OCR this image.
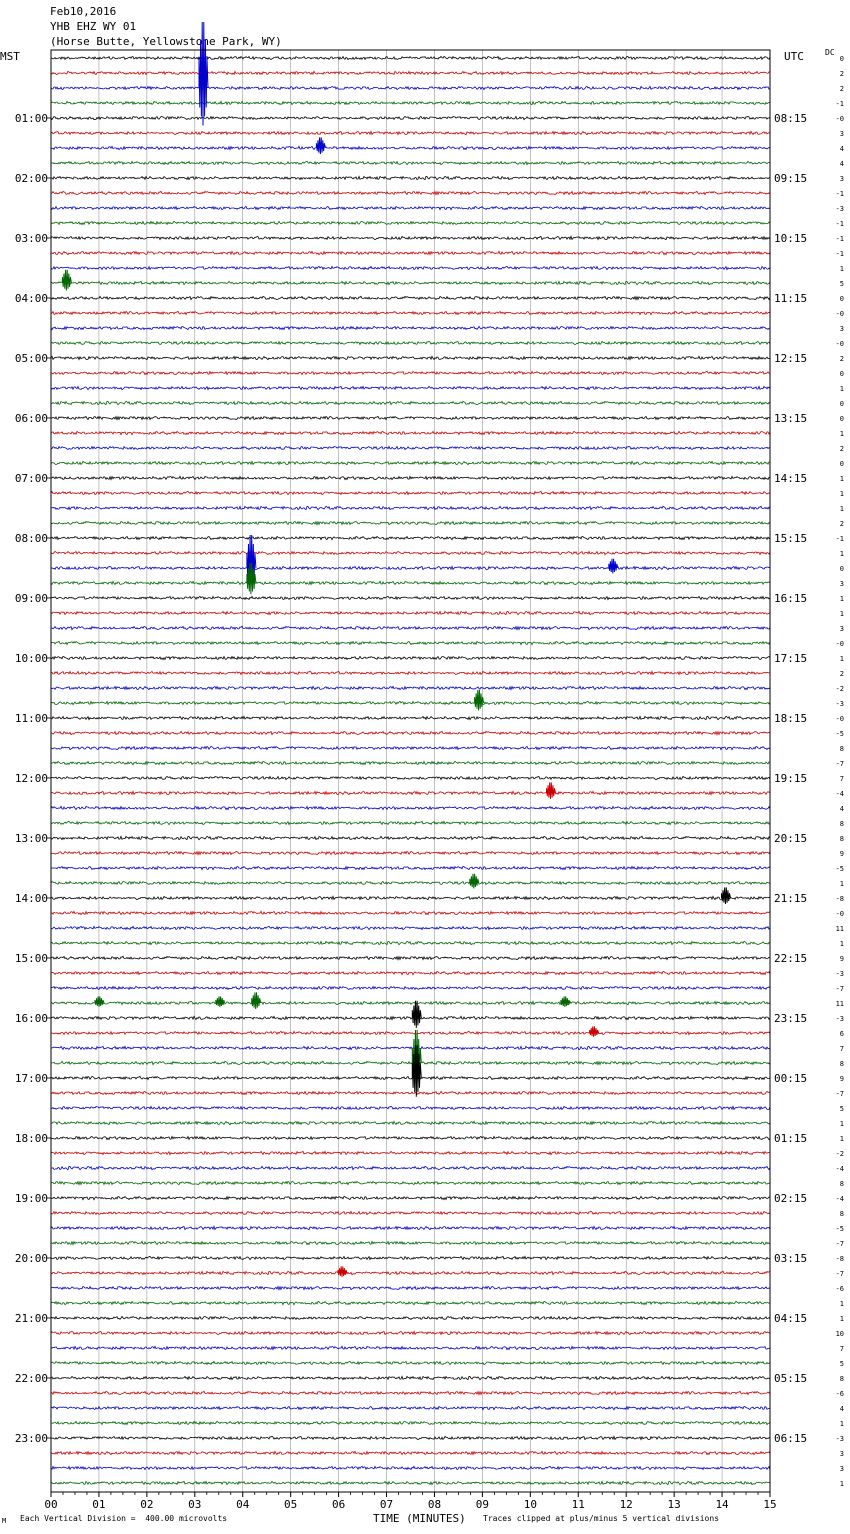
Feb10,2016
YHB EHZ WY 01
(Horse Butte, Yellowstone Park, WY)
MST	UTC	DC
00	01	02	03	04	05	06	07	08	09	10	11	12	13	14	15
01:00
02:00
03:00
04:00
05:00
06:00
07:00
08:00
09:00
10:00
11:00
12:00
13:00
14:00
15:00
16:00
17:00
18:00
19:00
20:00
21:00
22:00
23:00
08:15
09:15
10:15
11:15
12:15
13:15
14:15
15:15
16:15
17:15
18:15
19:15
20:15
21:15
22:15
23:15
00:15
01:15
02:15
03:15
04:15
05:15
06:15
0
2
2
-1
-0
3
4
4
3
-1
-3
-1
-1
-1
1
5
0
-0
3
-0
2
0
1
0
0
1
2
0
1
1
1
2
-1
1
0
3
1
1
3
-0
1
2
-2
-3
-0
-5
8
-7
7
-4
4
8
8
9
-5
1
-8
-0
11
1
9
-3
-7
11
-3
6
7
8
9
-7
5
1
1
-2
-4
8
-4
8
-5
-7
-8
-7
-6
1
1
10
7
5
8
-6
4
1
-3
3
3
1
M Each Vertical Division =  400.00 microvolts	TIME (MINUTES) Traces clipped at plus/minus 5 vertical divisions
